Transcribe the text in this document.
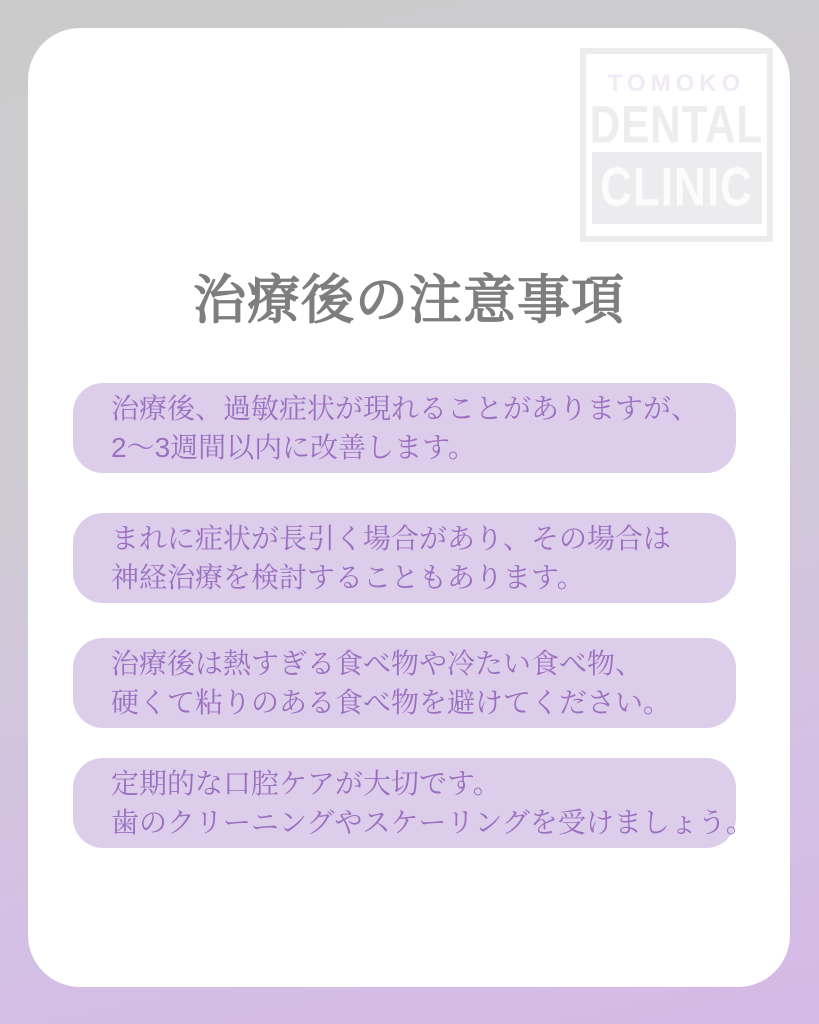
TOMOKO
DENTAL
CLINIC
治療後の注意事項
治療後、過敏症状が現れることがありますが、
2〜3週間以内に改善します。
まれに症状が長引く場合があり、その場合は
神経治療を検討することもあります。
治療後は熱すぎる食べ物や冷たい食べ物、
硬くて粘りのある食べ物を避けてください。
定期的な口腔ケアが大切です。
歯のクリーニングやスケーリングを受けましょう。
